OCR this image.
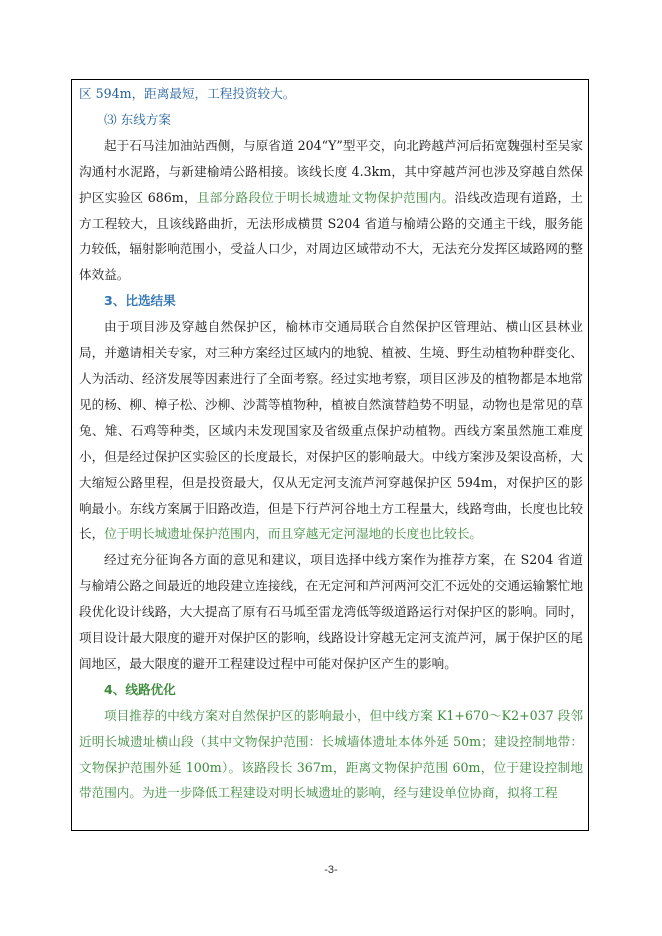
区 594m，距离最短，工程投资较大。

⑶ 东线方案

起于石马洼加油站西侧，与原省道 204“Y”型平交，向北跨越芦河后拓宽魏强村至吴家沟通村水泥路，与新建榆靖公路相接。该线长度 4.3km，其中穿越芦河也涉及穿越自然保护区实验区 686m，且部分路段位于明长城遗址文物保护范围内。沿线改造现有道路，土方工程较大，且该线路曲折，无法形成横贯 S204 省道与榆靖公路的交通主干线，服务能力较低，辐射影响范围小，受益人口少，对周边区域带动不大，无法充分发挥区域路网的整体效益。

3、比选结果

由于项目涉及穿越自然保护区，榆林市交通局联合自然保护区管理站、横山区县林业局，并邀请相关专家，对三种方案经过区域内的地貌、植被、生境、野生动植物种群变化、人为活动、经济发展等因素进行了全面考察。经过实地考察，项目区涉及的植物都是本地常见的杨、柳、樟子松、沙柳、沙蒿等植物种，植被自然演替趋势不明显，动物也是常见的草兔、雉、石鸡等种类，区域内未发现国家及省级重点保护动植物。西线方案虽然施工难度小，但是经过保护区实验区的长度最长，对保护区的影响最大。中线方案涉及架设高桥，大大缩短公路里程，但是投资最大，仅从无定河支流芦河穿越保护区 594m，对保护区的影响最小。东线方案属于旧路改造，但是下行芦河谷地土方工程量大，线路弯曲，长度也比较长，位于明长城遗址保护范围内，而且穿越无定河湿地的长度也比较长。

经过充分征询各方面的意见和建议，项目选择中线方案作为推荐方案，在 S204 省道与榆靖公路之间最近的地段建立连接线，在无定河和芦河两河交汇不远处的交通运输繁忙地段优化设计线路，大大提高了原有石马坬至雷龙湾低等级道路运行对保护区的影响。同时，项目设计最大限度的避开对保护区的影响，线路设计穿越无定河支流芦河，属于保护区的尾闾地区，最大限度的避开工程建设过程中可能对保护区产生的影响。

4、线路优化

项目推荐的中线方案对自然保护区的影响最小，但中线方案 K1+670～K2+037 段邻近明长城遗址横山段（其中文物保护范围：长城墙体遗址本体外延 50m；建设控制地带：文物保护范围外延 100m）。该路段长 367m，距离文物保护范围 60m，位于建设控制地带范围内。为进一步降低工程建设对明长城遗址的影响，经与建设单位协商，拟将工程

-3-
